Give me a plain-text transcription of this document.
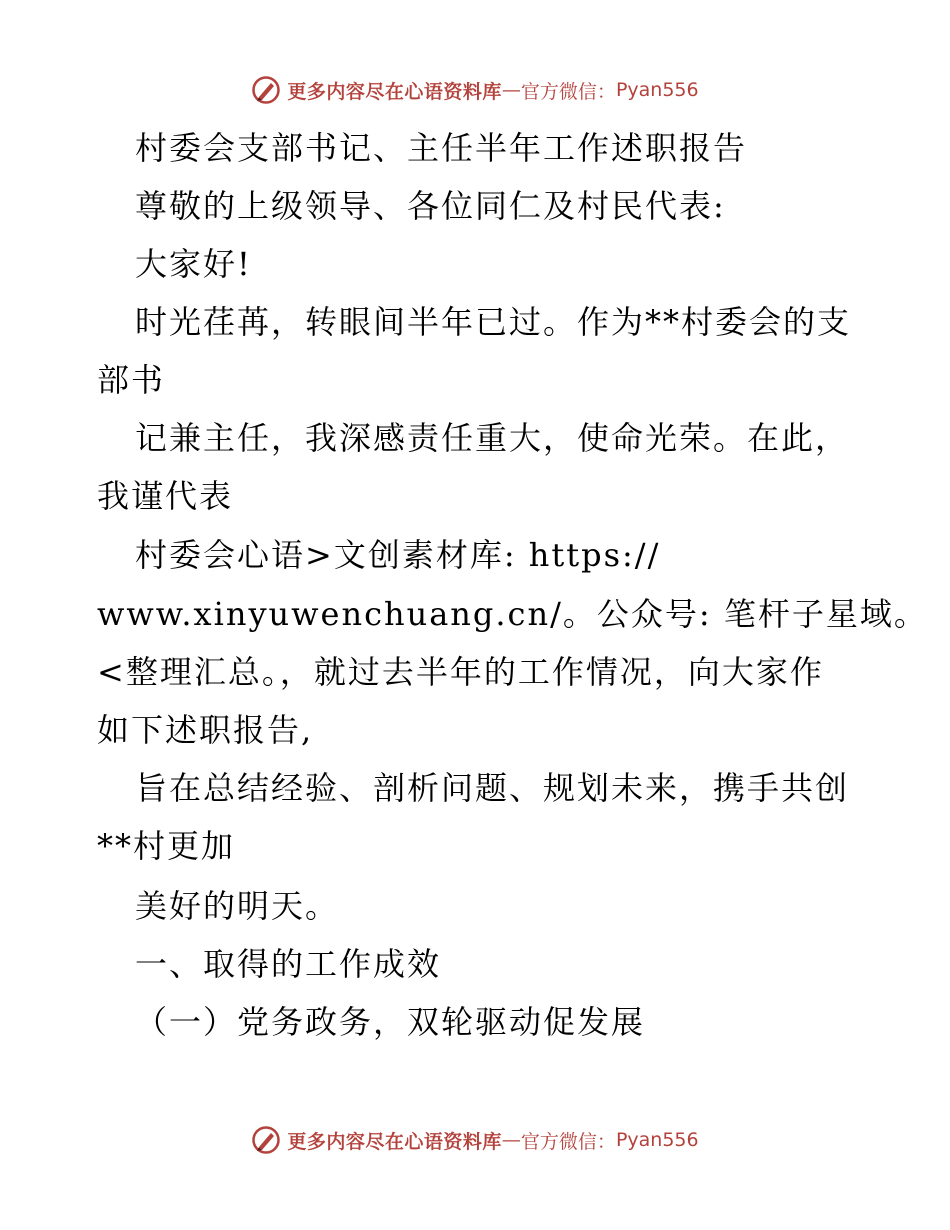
更多内容尽在心语资料库 — 官方微信： Pyan556
村委会支部书记、主任半年工作述职报告
尊敬的上级领导、各位同仁及村民代表:
大家好!
时光荏苒，转眼间半年已过。作为**村委会的支
部书
记兼主任，我深感责任重大，使命光荣。在此，
我谨代表
村委会心语>文创素材库: https://
www.xinyuwenchuang.cn/。公众号: 笔杆子星域。
<整理汇总。，就过去半年的工作情况，向大家作
如下述职报告,
旨在总结经验、剖析问题、规划未来，携手共创
**村更加
美好的明天。
一、取得的工作成效
（一）党务政务，双轮驱动促发展
更多内容尽在心语资料库 — 官方微信： Pyan556
